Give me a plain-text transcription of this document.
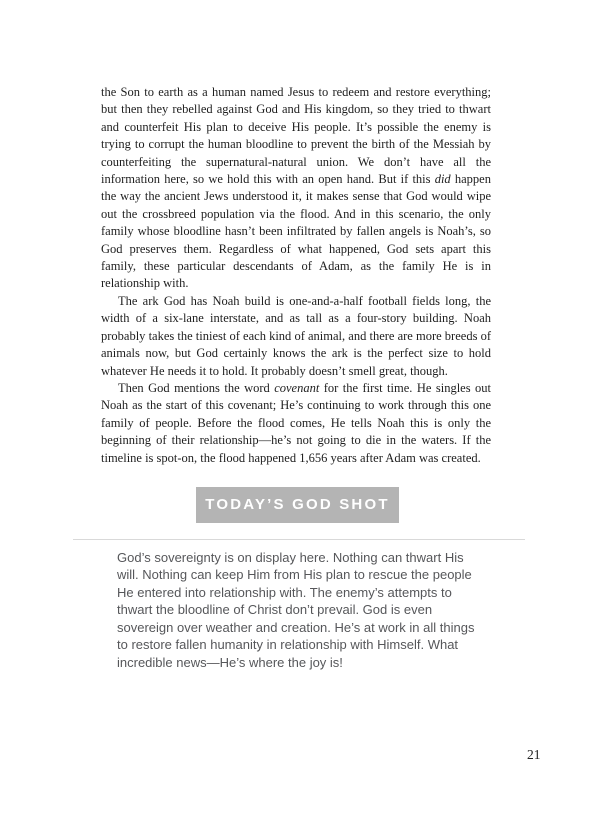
the Son to earth as a human named Jesus to redeem and restore everything; but then they rebelled against God and His kingdom, so they tried to thwart and counterfeit His plan to deceive His people. It’s possible the enemy is trying to corrupt the human bloodline to prevent the birth of the Messiah by counterfeiting the supernatural-natural union. We don’t have all the information here, so we hold this with an open hand. But if this did happen the way the ancient Jews understood it, it makes sense that God would wipe out the crossbreed population via the flood. And in this scenario, the only family whose bloodline hasn’t been infiltrated by fallen angels is Noah’s, so God preserves them. Regardless of what happened, God sets apart this family, these particular descendants of Adam, as the family He is in relationship with.

The ark God has Noah build is one-and-a-half football fields long, the width of a six-lane interstate, and as tall as a four-story building. Noah probably takes the tiniest of each kind of animal, and there are more breeds of animals now, but God certainly knows the ark is the perfect size to hold whatever He needs it to hold. It probably doesn’t smell great, though.

Then God mentions the word covenant for the first time. He singles out Noah as the start of this covenant; He’s continuing to work through this one family of people. Before the flood comes, He tells Noah this is only the beginning of their relationship—he’s not going to die in the waters. If the timeline is spot-on, the flood happened 1,656 years after Adam was created.

TODAY’S GOD SHOT

God’s sovereignty is on display here. Nothing can thwart His will. Nothing can keep Him from His plan to rescue the people He entered into relationship with. The enemy’s attempts to thwart the bloodline of Christ don’t prevail. God is even sovereign over weather and creation. He’s at work in all things to restore fallen humanity in relationship with Himself. What incredible news—He’s where the joy is!

21
